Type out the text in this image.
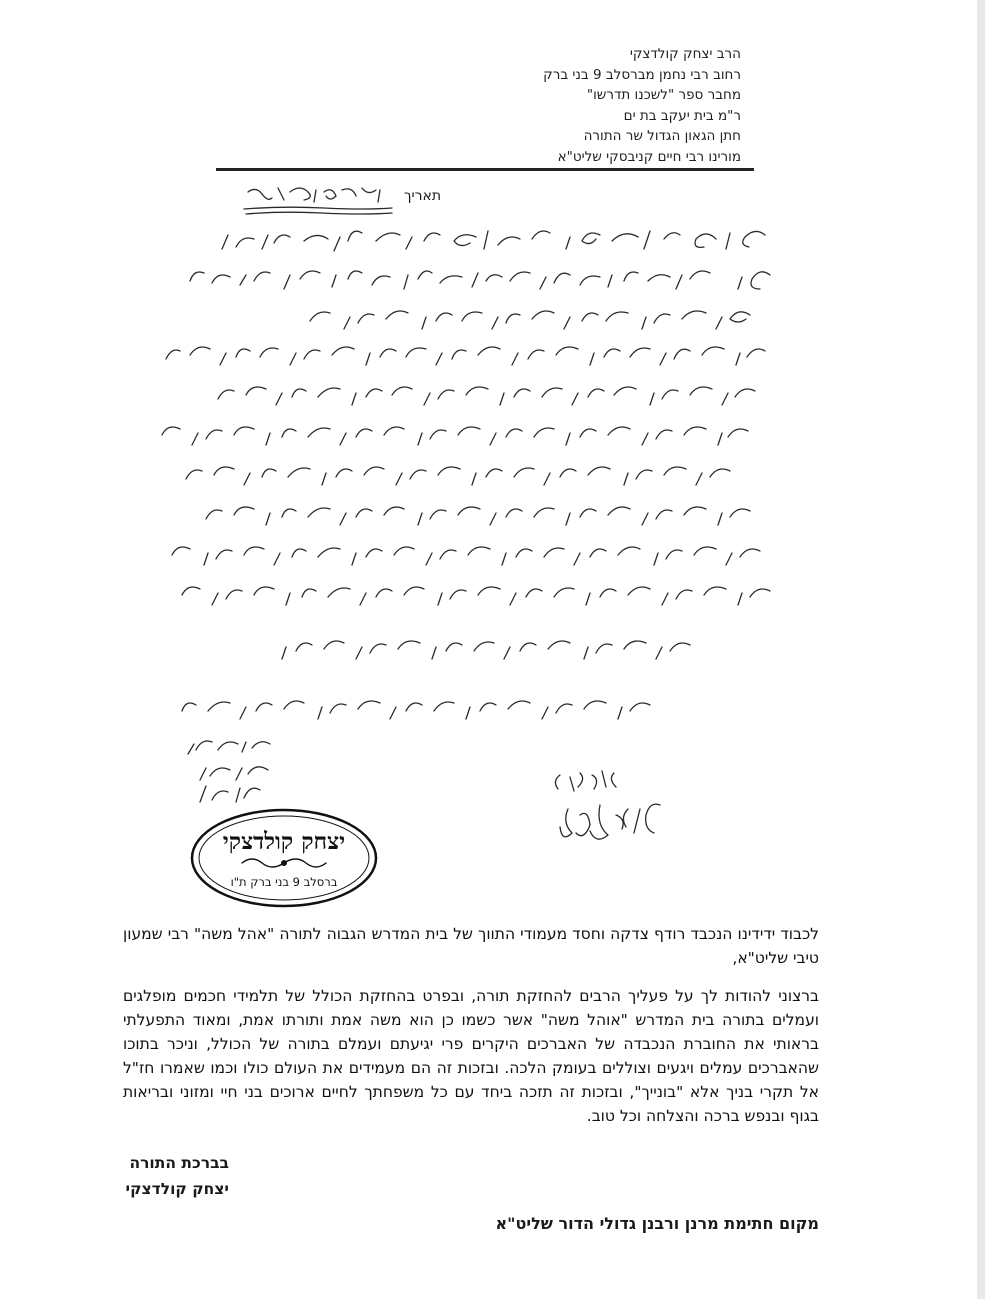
הרב יצחק קולדצקי
רחוב רבי נחמן מברסלב 9 בני ברק
מחבר ספר "לשכנו תדרשו"
ר"מ בית יעקב בת ים
חתן הגאון הגדול שר התורה
מורינו רבי חיים קניבסקי שליט"א
תאריך
יצחק קולדצקי
ברסלב 9 בני ברק ת"ו

לכבוד ידידינו הנכבד רודף צדקה וחסד מעמודי התווך של בית המדרש הגבוה לתורה "אהל משה" רבי שמעון טיבי שליט"א,

ברצוני להודות לך על פעליך הרבים להחזקת תורה, ובפרט בהחזקת הכולל של תלמידי חכמים מופלגים ועמלים בתורה בית המדרש "אוהל משה" אשר כשמו כן הוא משה אמת ותורתו אמת, ומאוד התפעלתי בראותי את החוברת הנכבדה של האברכים היקרים פרי יגיעתם ועמלם בתורה של הכולל, וניכר בתוכו שהאברכים עמלים ויגעים וצוללים בעומק הלכה. ובזכות זה הם מעמידים את העולם כולו וכמו שאמרו חז"ל אל תקרי בניך אלא "בונייך", ובזכות זה תזכה ביחד עם כל משפחתך לחיים ארוכים בני חיי ומזוני ובריאות בגוף ובנפש ברכה והצלחה וכל טוב.

בברכת התורה
יצחק קולדצקי
מקום חתימת מרנן ורבנן גדולי הדור שליט"א
